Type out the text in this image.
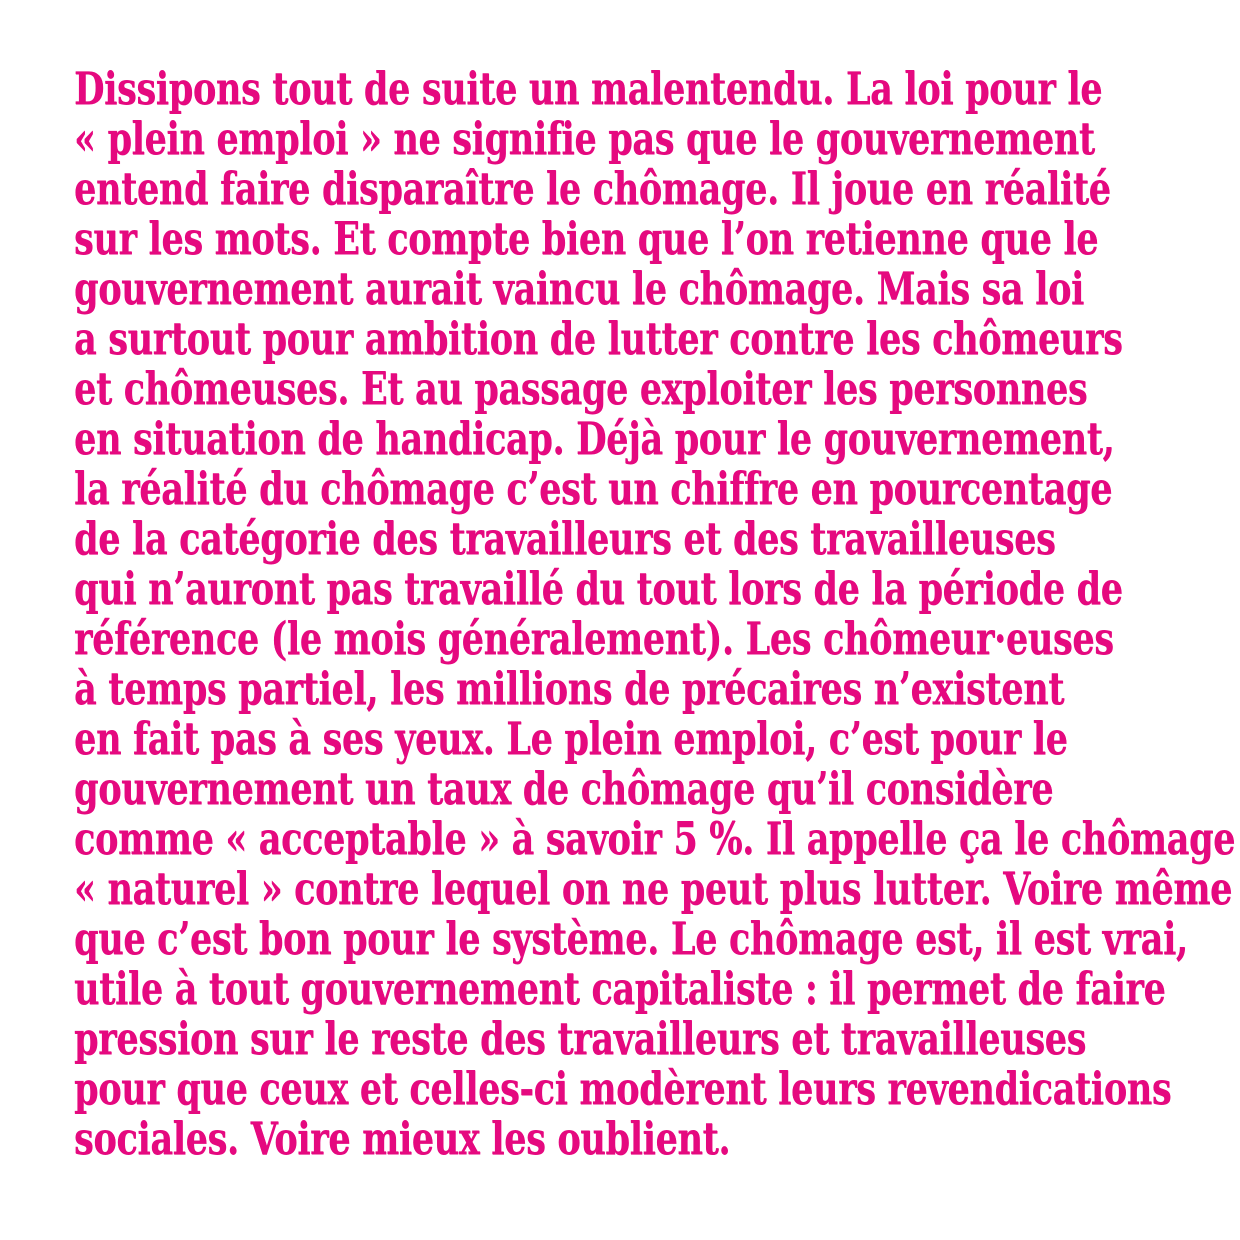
Dissipons tout de suite un malentendu. La loi pour le
« plein emploi » ne signifie pas que le gouvernement
entend faire disparaître le chômage. Il joue en réalité
sur les mots. Et compte bien que l’on retienne que le
gouvernement aurait vaincu le chômage. Mais sa loi
a surtout pour ambition de lutter contre les chômeurs
et chômeuses. Et au passage exploiter les personnes
en situation de handicap. Déjà pour le gouvernement,
la réalité du chômage c’est un chiffre en pourcentage
de la catégorie des travailleurs et des travailleuses
qui n’auront pas travaillé du tout lors de la période de
référence (le mois généralement). Les chômeur·euses
à temps partiel, les millions de précaires n’existent
en fait pas à ses yeux. Le plein emploi, c’est pour le
gouvernement un taux de chômage qu’il considère
comme « acceptable » à savoir 5 %. Il appelle ça le chômage
« naturel » contre lequel on ne peut plus lutter. Voire même
que c’est bon pour le système. Le chômage est, il est vrai,
utile à tout gouvernement capitaliste : il permet de faire
pression sur le reste des travailleurs et travailleuses
pour que ceux et celles-ci modèrent leurs revendications
sociales. Voire mieux les oublient.
